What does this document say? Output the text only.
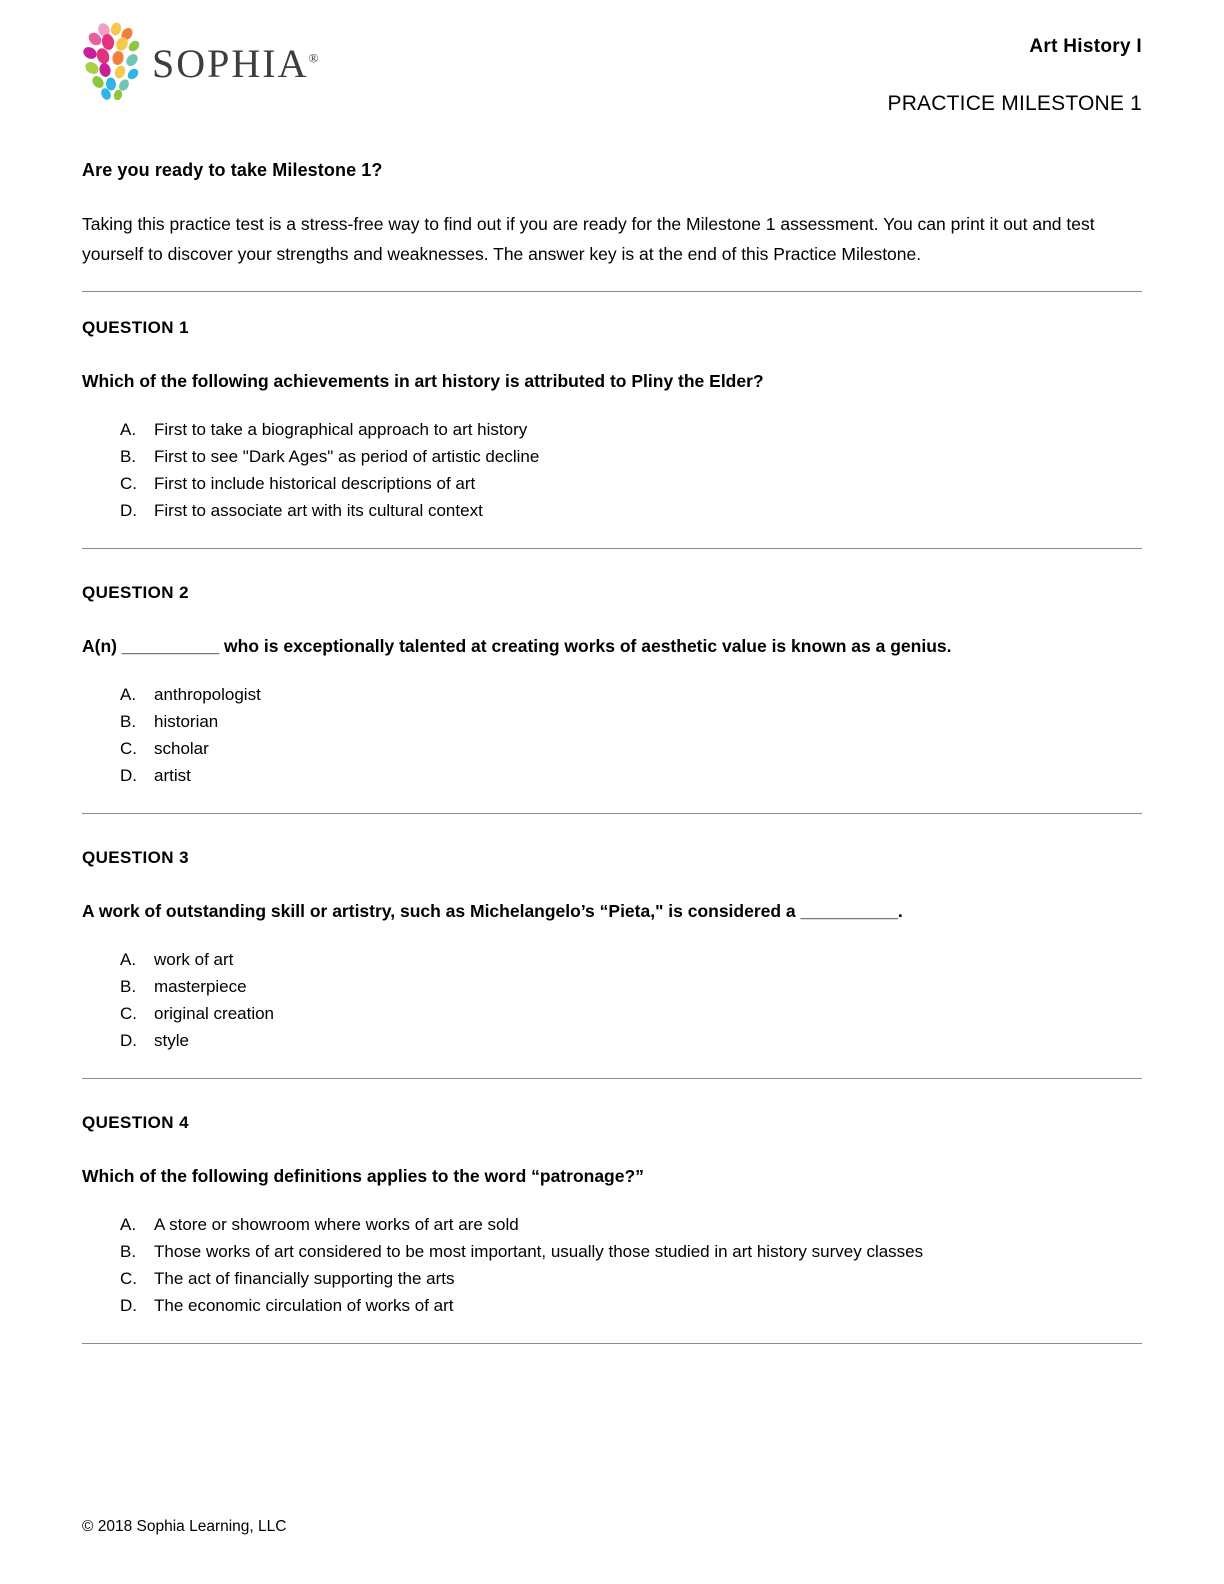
SOPHIA®
Art History I
PRACTICE MILESTONE 1
Are you ready to take Milestone 1?
Taking this practice test is a stress-free way to find out if you are ready for the Milestone 1 assessment. You can print it out and test yourself to discover your strengths and weaknesses. The answer key is at the end of this Practice Milestone.
QUESTION 1
Which of the following achievements in art history is attributed to Pliny the Elder?
A.	First to take a biographical approach to art history
B.	First to see "Dark Ages" as period of artistic decline
C.	First to include historical descriptions of art
D.	First to associate art with its cultural context
QUESTION 2
A(n) __________ who is exceptionally talented at creating works of aesthetic value is known as a genius.
A.	anthropologist
B.	historian
C.	scholar
D.	artist
QUESTION 3
A work of outstanding skill or artistry, such as Michelangelo’s “Pieta," is considered a __________.
A.	work of art
B.	masterpiece
C.	original creation
D.	style
QUESTION 4
Which of the following definitions applies to the word “patronage?”
A.	A store or showroom where works of art are sold
B.	Those works of art considered to be most important, usually those studied in art history survey classes
C.	The act of financially supporting the arts
D.	The economic circulation of works of art
© 2018 Sophia Learning, LLC
